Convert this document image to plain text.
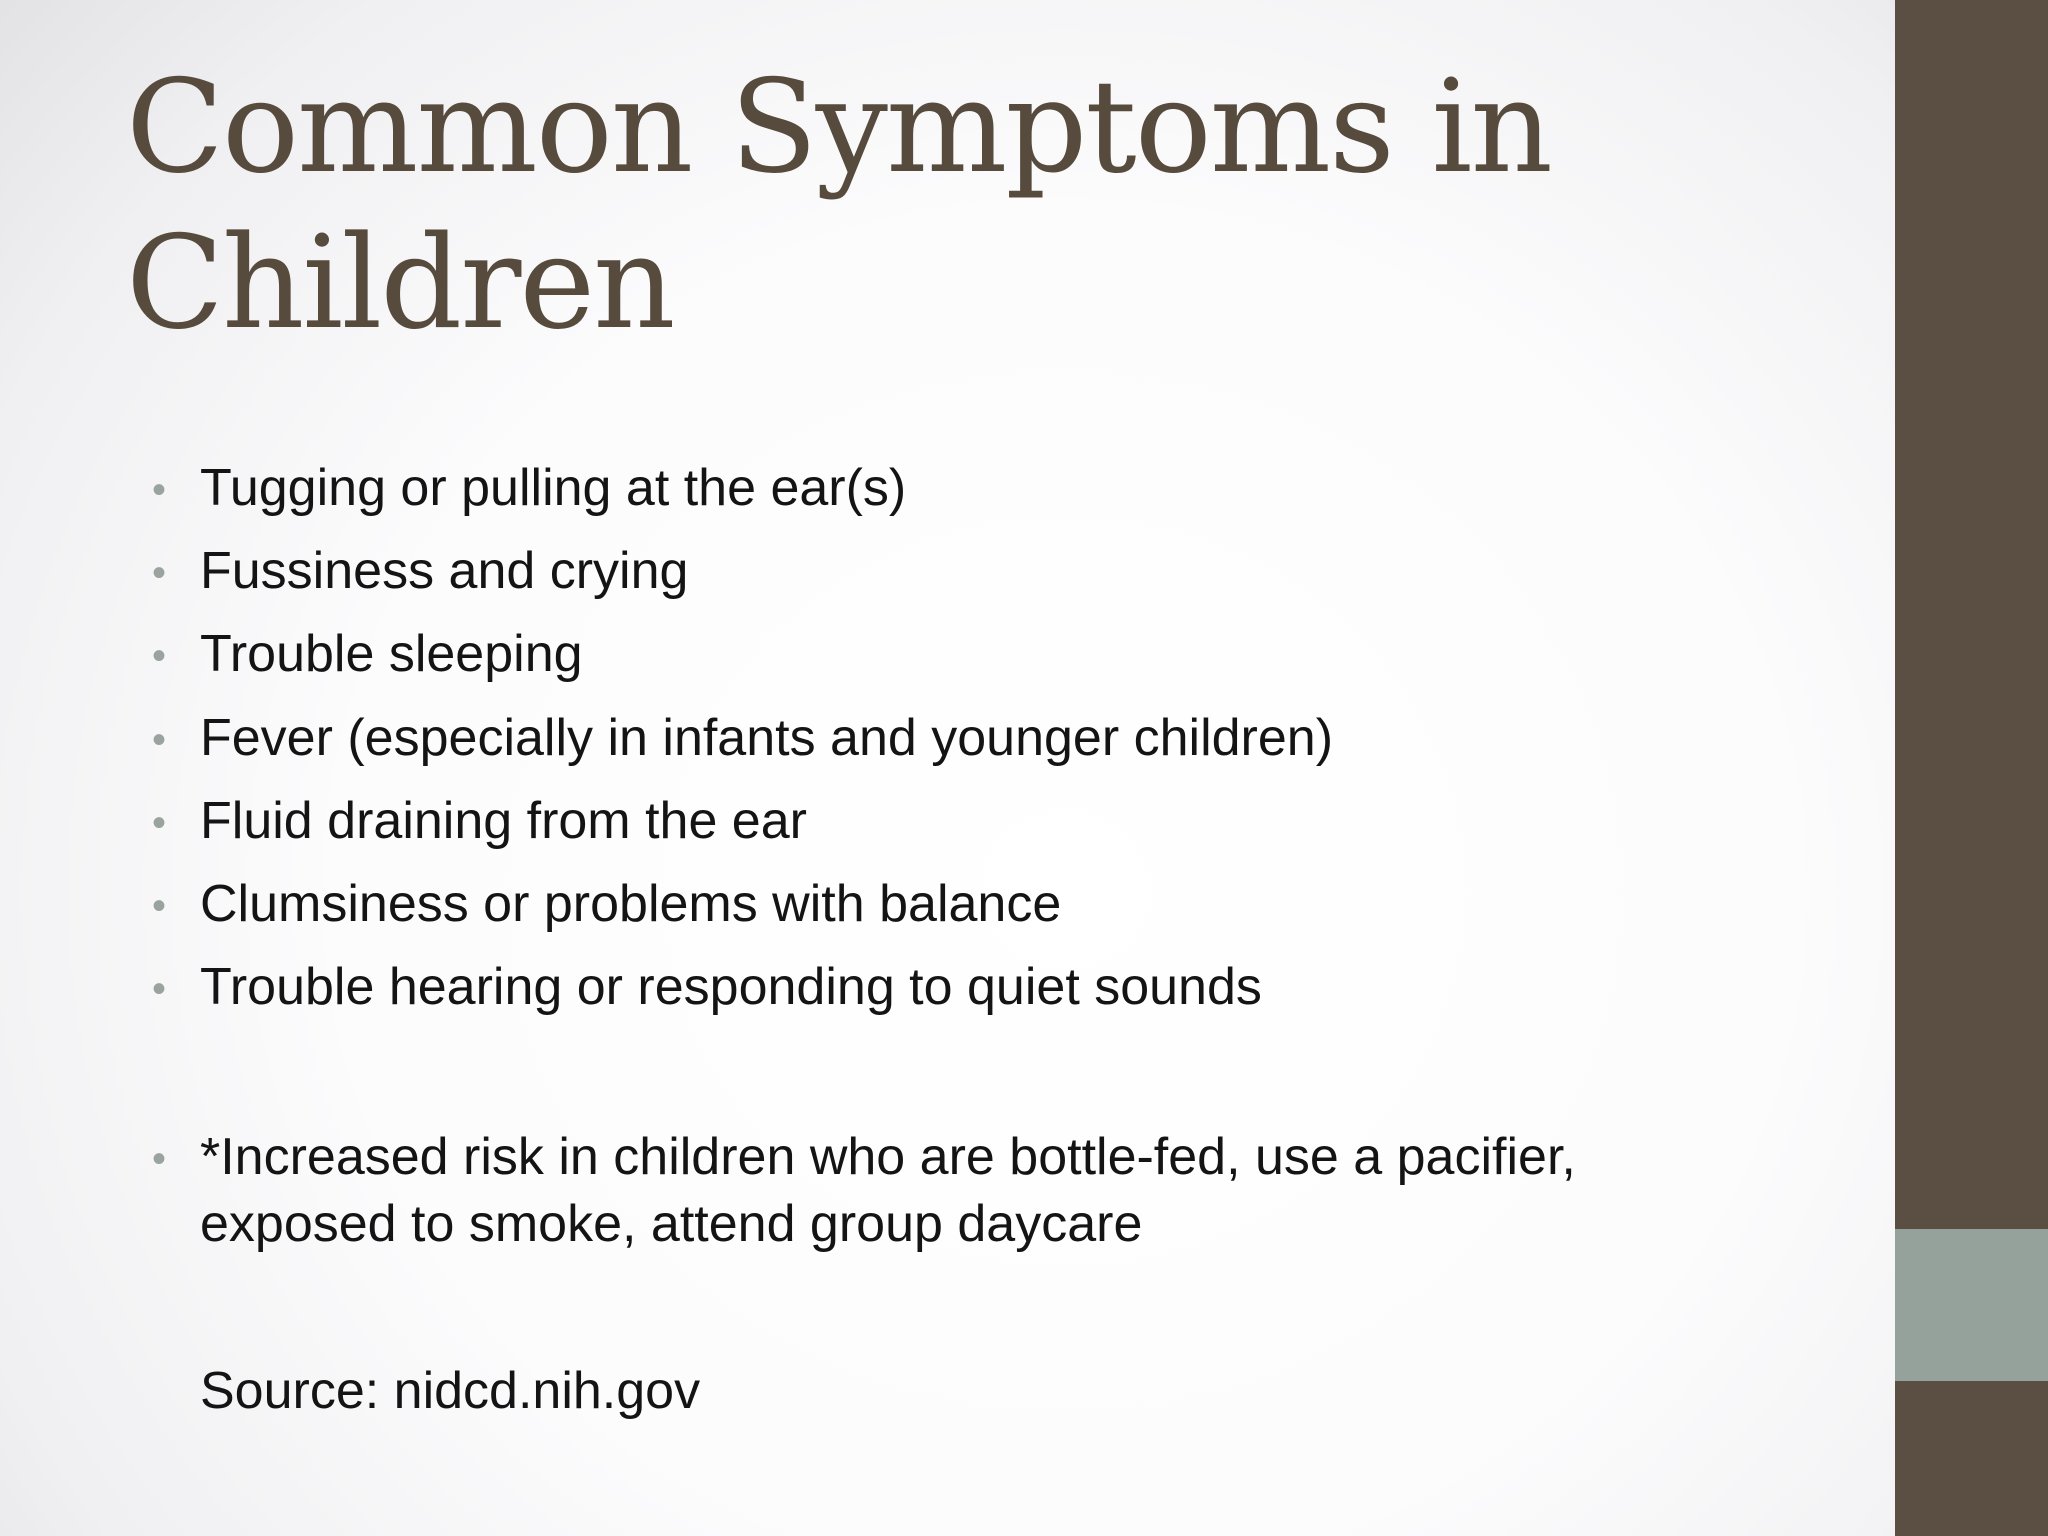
Common Symptoms in Children
• Tugging or pulling at the ear(s)
• Fussiness and crying
• Trouble sleeping
• Fever (especially in infants and younger children)
• Fluid draining from the ear
• Clumsiness or problems with balance
• Trouble hearing or responding to quiet sounds
• *Increased risk in children who are bottle-fed, use a pacifier, exposed to smoke, attend group daycare
Source: nidcd.nih.gov
